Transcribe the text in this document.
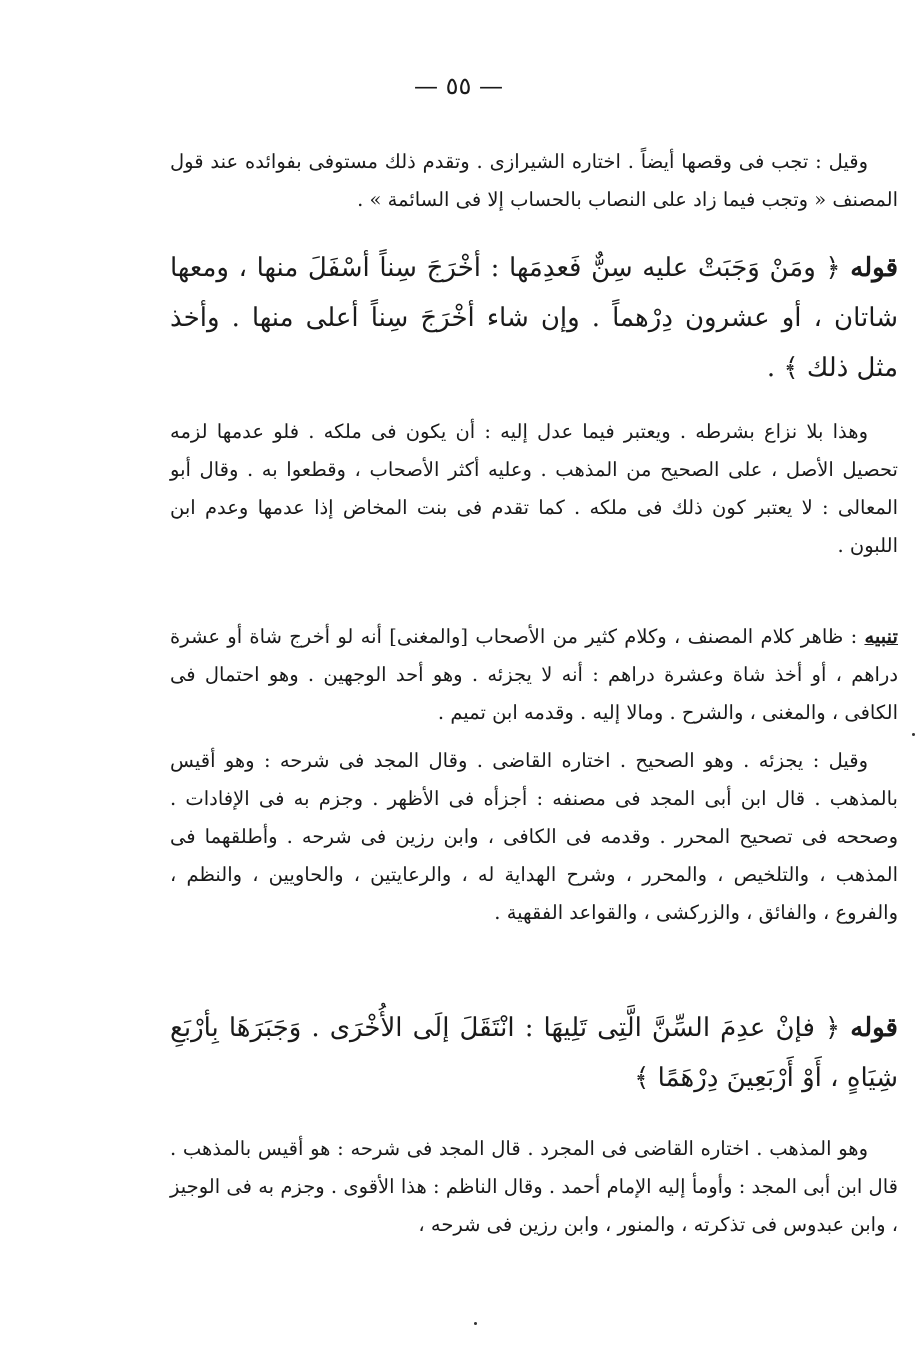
— ٥٥ —

وقيل : تجب فى وقصها أيضاً . اختاره الشيرازى . وتقدم ذلك مستوفى بفوائده عند قول المصنف « وتجب فيما زاد على النصاب بالحساب إلا فى السائمة » .

قوله ﴿ ومَنْ وَجَبَتْ عليه سِنٌّ فَعدِمَها : أخْرَجَ سِناً أسْفَلَ منها ، ومعها شاتان ، أو عشرون دِرْهماً . وإن شاء أخْرَجَ سِناً أعلى منها . وأخذ مثل ذلك ﴾ .

وهذا بلا نزاع بشرطه . ويعتبر فيما عدل إليه : أن يكون فى ملكه . فلو عدمها لزمه تحصيل الأصل ، على الصحيح من المذهب . وعليه أكثر الأصحاب ، وقطعوا به . وقال أبو المعالى : لا يعتبر كون ذلك فى ملكه . كما تقدم فى بنت المخاض إذا عدمها وعدم ابن اللبون .

تنبيه : ظاهر كلام المصنف ، وكلام كثير من الأصحاب [والمغنى] أنه لو أخرج شاة أو عشرة دراهم ، أو أخذ شاة وعشرة دراهم : أنه لا يجزئه . وهو أحد الوجهين . وهو احتمال فى الكافى ، والمغنى ، والشرح . ومالا إليه . وقدمه ابن تميم .

وقيل : يجزئه . وهو الصحيح . اختاره القاضى . وقال المجد فى شرحه : وهو أقيس بالمذهب . قال ابن أبى المجد فى مصنفه : أجزأه فى الأظهر . وجزم به فى الإفادات . وصححه فى تصحيح المحرر . وقدمه فى الكافى ، وابن رزين فى شرحه . وأطلقهما فى المذهب ، والتلخيص ، والمحرر ، وشرح الهداية له ، والرعايتين ، والحاويين ، والنظم ، والفروع ، والفائق ، والزركشى ، والقواعد الفقهية .

قوله ﴿ فإنْ عدِمَ السِّنَّ الَّتِى تَلِيهَا : انْتَقَلَ إلَى الأُخْرَى . وَجَبَرَهَا بِأرْبَعِ شِيَاهٍ ، أَوْ أَرْبَعِينَ دِرْهَمًا ﴾

وهو المذهب . اختاره القاضى فى المجرد . قال المجد فى شرحه : هو أقيس بالمذهب . قال ابن أبى المجد : وأومأ إليه الإمام أحمد . وقال الناظم : هذا الأقوى . وجزم به فى الوجيز ، وابن عبدوس فى تذكرته ، والمنور ، وابن رزين فى شرحه ،
